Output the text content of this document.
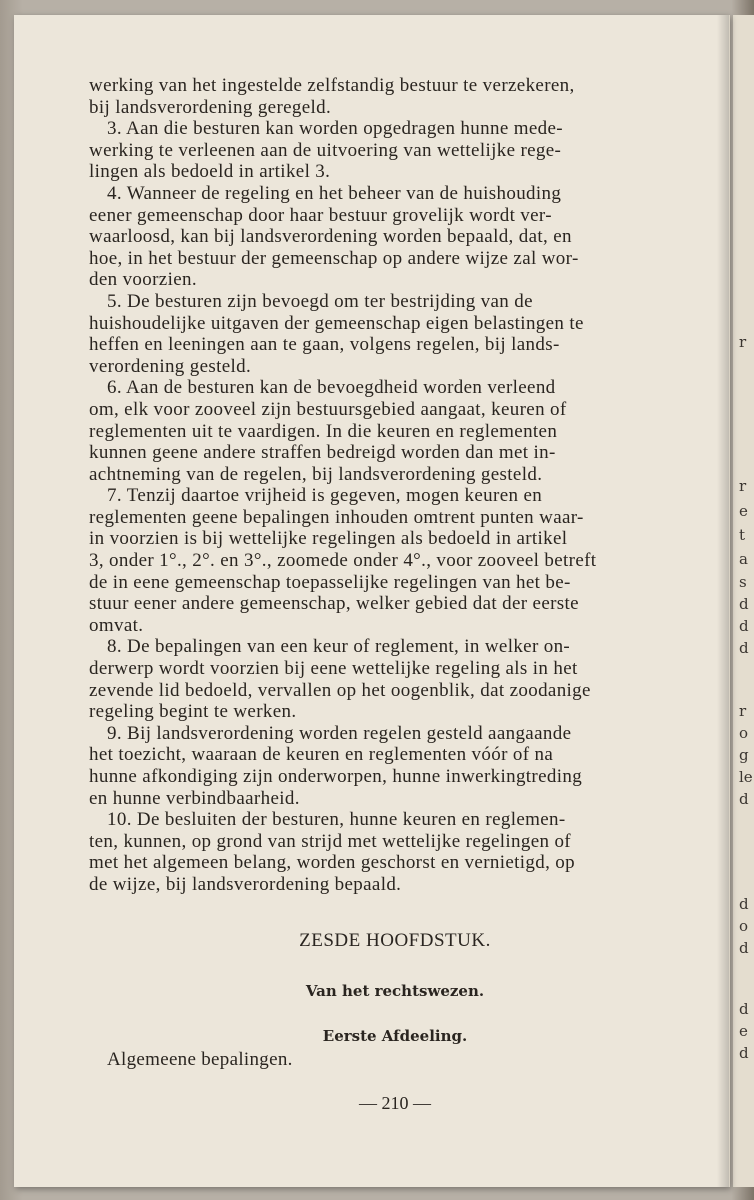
r
r
e
t
a
s
d
d
d
r
o
g
le
d
d
o
d
d
e
d

werking van het ingestelde zelfstandig bestuur te verzekeren,

bij landsverordening geregeld.

3. Aan die besturen kan worden opgedragen hunne mede-

werking te verleenen aan de uitvoering van wettelijke rege-

lingen als bedoeld in artikel 3.

4. Wanneer de regeling en het beheer van de huishouding

eener gemeenschap door haar bestuur grovelijk wordt ver-

waarloosd, kan bij landsverordening worden bepaald, dat, en

hoe, in het bestuur der gemeenschap op andere wijze zal wor-

den voorzien.

5. De besturen zijn bevoegd om ter bestrijding van de

huishoudelijke uitgaven der gemeenschap eigen belastingen te

heffen en leeningen aan te gaan, volgens regelen, bij lands-

verordening gesteld.

6. Aan de besturen kan de bevoegdheid worden verleend

om, elk voor zooveel zijn bestuursgebied aangaat, keuren of

reglementen uit te vaardigen. In die keuren en reglementen

kunnen geene andere straffen bedreigd worden dan met in-

achtneming van de regelen, bij landsverordening gesteld.

7. Tenzij daartoe vrijheid is gegeven, mogen keuren en

reglementen geene bepalingen inhouden omtrent punten waar-

in voorzien is bij wettelijke regelingen als bedoeld in artikel

3, onder 1°., 2°. en 3°., zoomede onder 4°., voor zooveel betreft

de in eene gemeenschap toepasselijke regelingen van het be-

stuur eener andere gemeenschap, welker gebied dat der eerste

omvat.

8. De bepalingen van een keur of reglement, in welker on-

derwerp wordt voorzien bij eene wettelijke regeling als in het

zevende lid bedoeld, vervallen op het oogenblik, dat zoodanige

regeling begint te werken.

9. Bij landsverordening worden regelen gesteld aangaande

het toezicht, waaraan de keuren en reglementen vóór of na

hunne afkondiging zijn onderworpen, hunne inwerkingtreding

en hunne verbindbaarheid.

10. De besluiten der besturen, hunne keuren en reglemen-

ten, kunnen, op grond van strijd met wettelijke regelingen of

met het algemeen belang, worden geschorst en vernietigd, op

de wijze, bij landsverordening bepaald.

ZESDE HOOFDSTUK.
Van het rechtswezen.
Eerste Afdeeling.
Algemeene bepalingen.
— 210 —
